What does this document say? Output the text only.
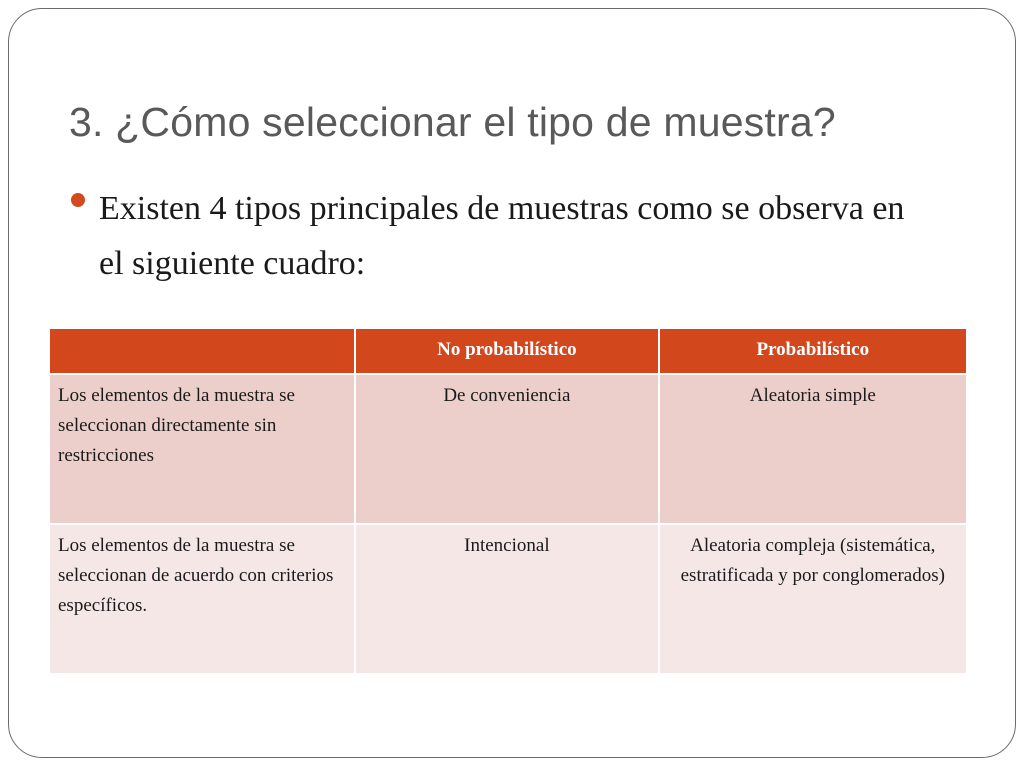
3. ¿Cómo seleccionar el tipo de muestra?
Existen 4 tipos principales de muestras como se observa en el siguiente cuadro:
	No probabilístico	Probabilístico
Los elementos de la muestra se seleccionan directamente sin restricciones	De conveniencia	Aleatoria simple
Los elementos de la muestra se seleccionan de acuerdo con criterios específicos.	Intencional	Aleatoria compleja (sistemática, estratificada y por conglomerados)
